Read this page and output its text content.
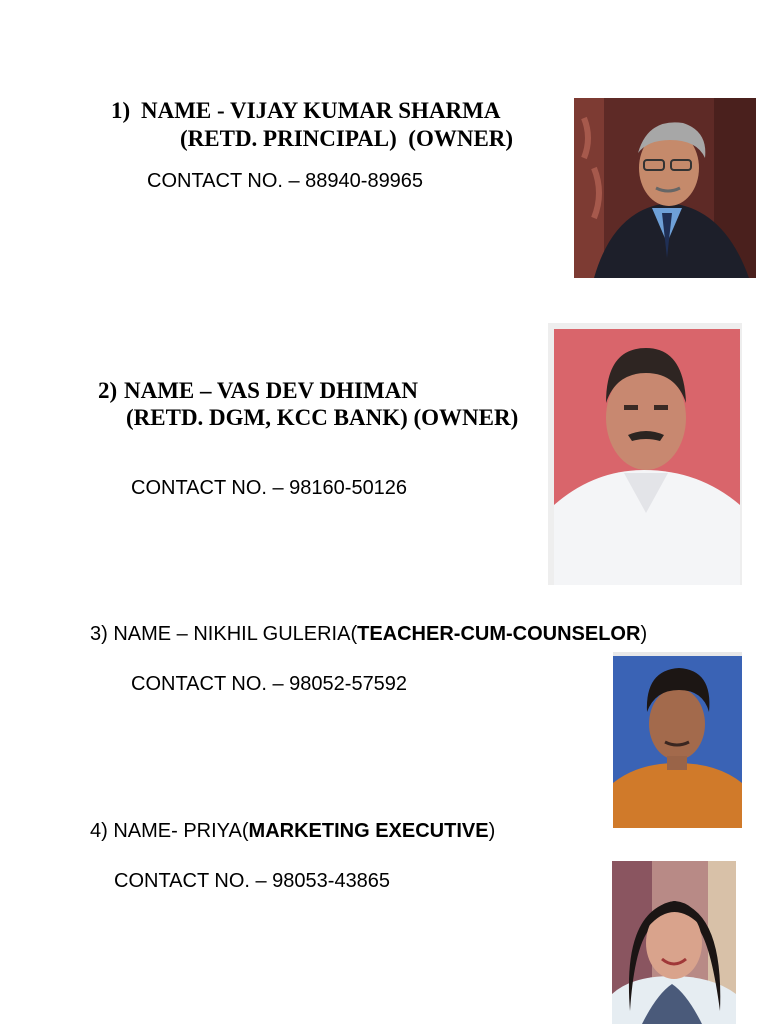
1) NAME - VIJAY KUMAR SHARMA
(RETD. PRINCIPAL)  (OWNER)
CONTACT NO. – 88940-89965
2) NAME – VAS DEV DHIMAN
(RETD. DGM, KCC BANK) (OWNER)
CONTACT NO. – 98160-50126
3) NAME – NIKHIL GULERIA(TEACHER-CUM-COUNSELOR)
CONTACT NO. – 98052-57592
4) NAME- PRIYA(MARKETING EXECUTIVE)
CONTACT NO. – 98053-43865
